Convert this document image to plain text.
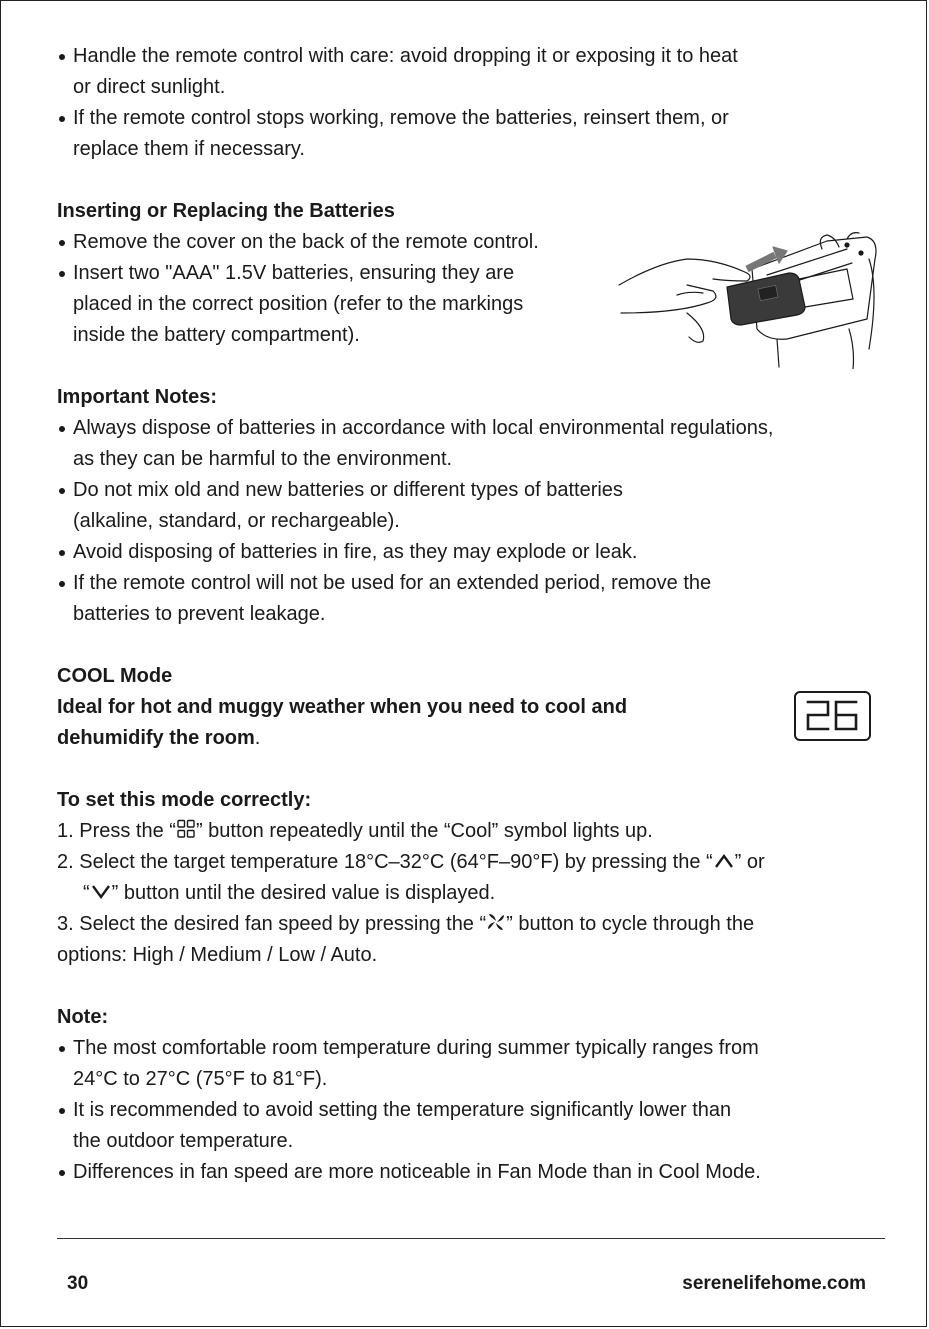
Handle the remote control with care: avoid dropping it or exposing it to heat
or direct sunlight.
If the remote control stops working, remove the batteries, reinsert them, or
replace them if necessary.
Inserting or Replacing the Batteries
Remove the cover on the back of the remote control.
Insert two "AAA" 1.5V batteries, ensuring they are
placed in the correct position (refer to the markings
inside the battery compartment).
Important Notes:
Always dispose of batteries in accordance with local environmental regulations,
as they can be harmful to the environment.
Do not mix old and new batteries or different types of batteries
(alkaline, standard, or rechargeable).
Avoid disposing of batteries in fire, as they may explode or leak.
If the remote control will not be used for an extended period, remove the
batteries to prevent leakage.
COOL Mode
Ideal for hot and muggy weather when you need to cool and
dehumidify the room.
To set this mode correctly:
1. Press the “ ” button repeatedly until the “Cool” symbol lights up.
2. Select the target temperature 18°C–32°C (64°F–90°F) by pressing the “ ” or
“ ” button until the desired value is displayed.
3. Select the desired fan speed by pressing the “ ” button to cycle through the
options: High / Medium / Low / Auto.
Note:
The most comfortable room temperature during summer typically ranges from
24°C to 27°C (75°F to 81°F).
It is recommended to avoid setting the temperature significantly lower than
the outdoor temperature.
Differences in fan speed are more noticeable in Fan Mode than in Cool Mode.
30	serenelifehome.com
